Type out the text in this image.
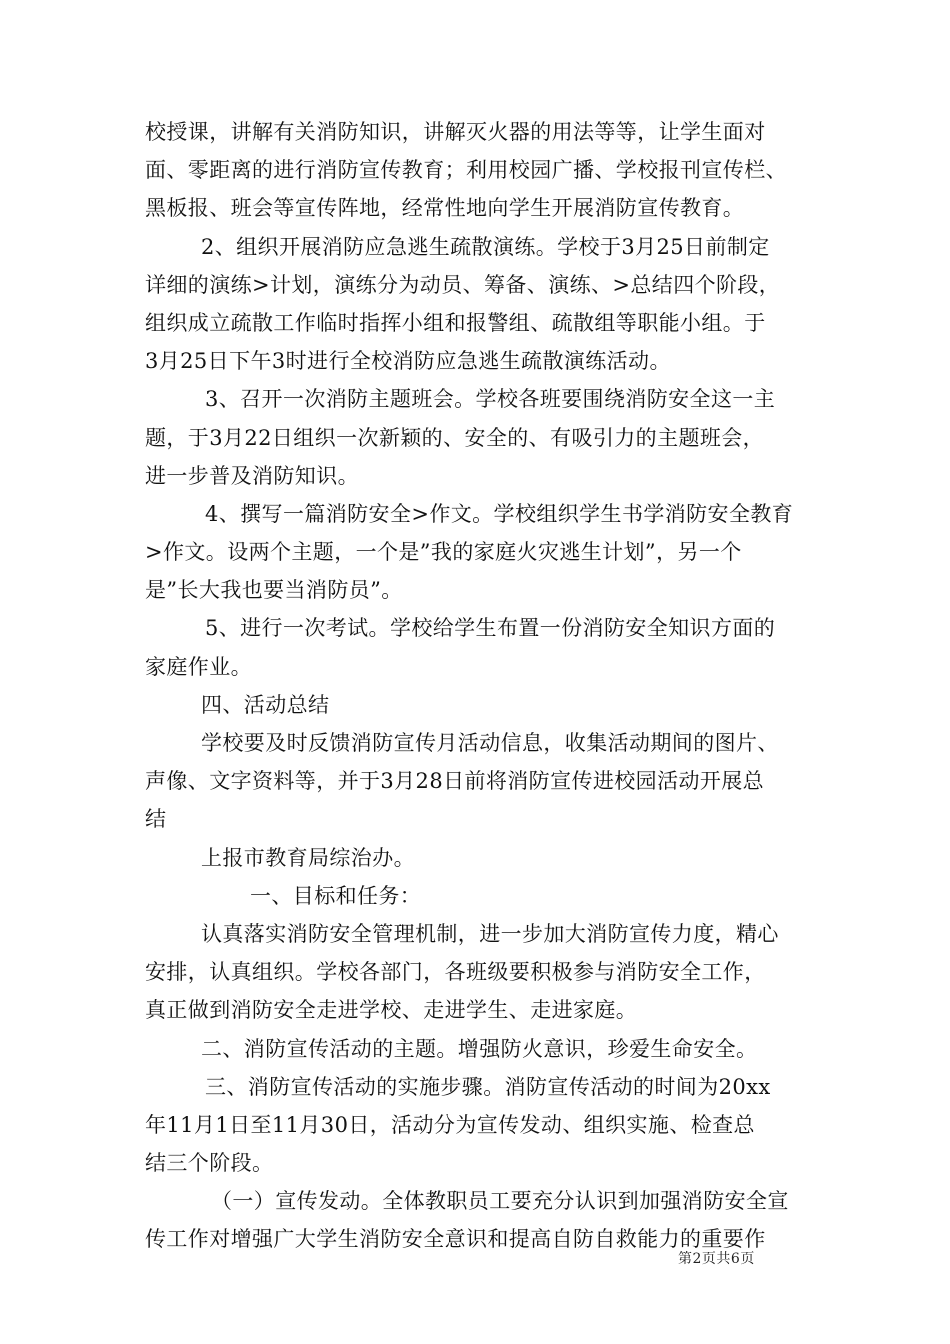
校授课，讲解有关消防知识，讲解灭火器的用法等等，让学生面对
面、零距离的进行消防宣传教育；利用校园广播、学校报刊宣传栏、
黑板报、班会等宣传阵地，经常性地向学生开展消防宣传教育。
2、组织开展消防应急逃生疏散演练。学校于3月25日前制定
详细的演练>计划，演练分为动员、筹备、演练、>总结四个阶段，
组织成立疏散工作临时指挥小组和报警组、疏散组等职能小组。于
3月25日下午3时进行全校消防应急逃生疏散演练活动。
3、召开一次消防主题班会。学校各班要围绕消防安全这一主
题，于3月22日组织一次新颖的、安全的、有吸引力的主题班会，
进一步普及消防知识。
4、撰写一篇消防安全>作文。学校组织学生书学消防安全教育
>作文。设两个主题，一个是”我的家庭火灾逃生计划”，另一个
是”长大我也要当消防员”。
5、进行一次考试。学校给学生布置一份消防安全知识方面的
家庭作业。
四、活动总结
学校要及时反馈消防宣传月活动信息，收集活动期间的图片、
声像、文字资料等，并于3月28日前将消防宣传进校园活动开展总
结
上报市教育局综治办。
一、目标和任务：
认真落实消防安全管理机制，进一步加大消防宣传力度，精心
安排，认真组织。学校各部门，各班级要积极参与消防安全工作，
真正做到消防安全走进学校、走进学生、走进家庭。
二、消防宣传活动的主题。增强防火意识，珍爱生命安全。
三、消防宣传活动的实施步骤。消防宣传活动的时间为20xx
年11月1日至11月30日，活动分为宣传发动、组织实施、检查总
结三个阶段。
（一）宣传发动。全体教职员工要充分认识到加强消防安全宣
传工作对增强广大学生消防安全意识和提高自防自救能力的重要作
第2页共6页
